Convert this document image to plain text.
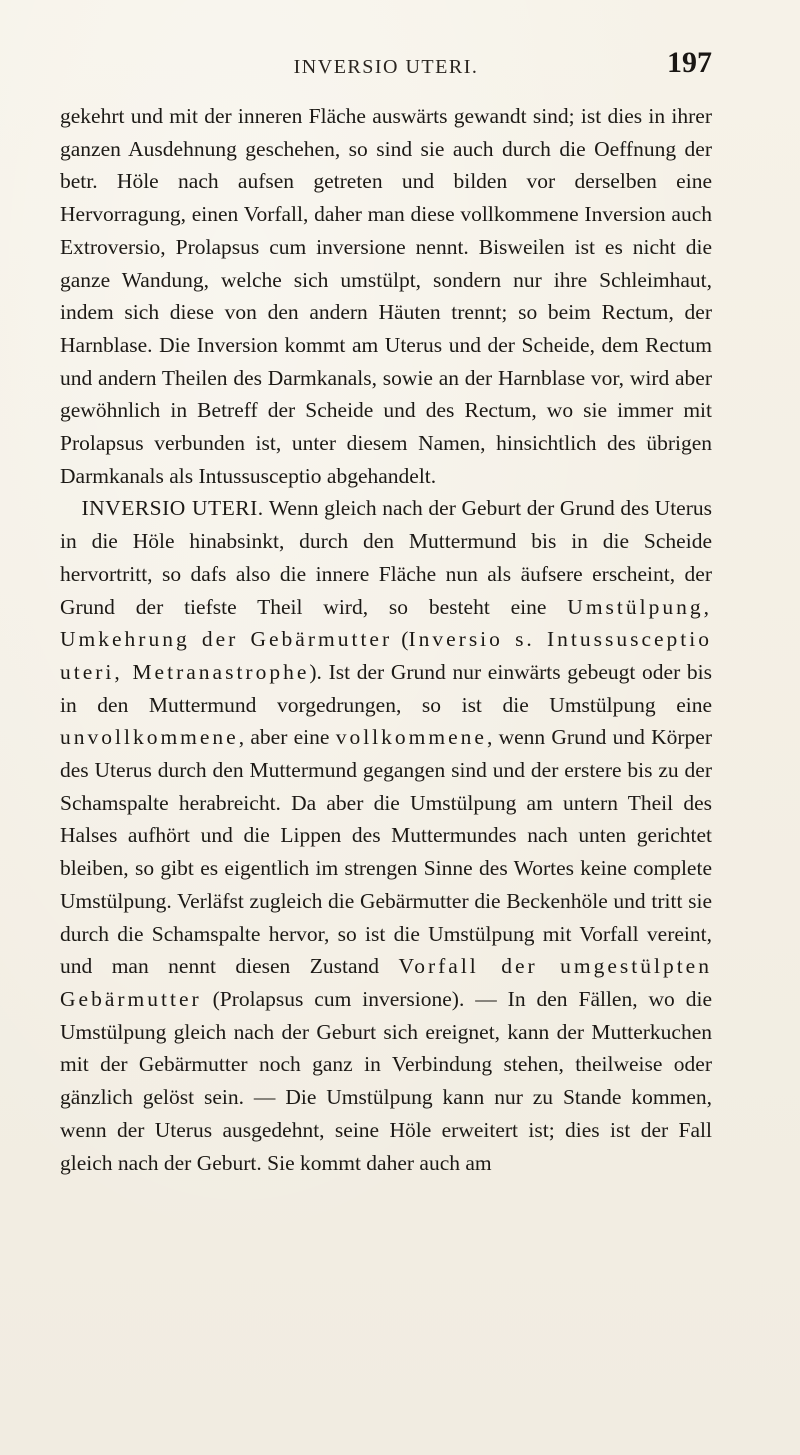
INVERSIO UTERI.	197

gekehrt und mit der inneren Fläche auswärts gewandt sind; ist dies in ihrer ganzen Ausdehnung geschehen, so sind sie auch durch die Oeffnung der betr. Höle nach aufsen getreten und bilden vor derselben eine Hervorragung, einen Vorfall, daher man diese vollkommene Inversion auch Extroversio, Prolapsus cum inversione nennt. Bisweilen ist es nicht die ganze Wandung, welche sich umstülpt, sondern nur ihre Schleimhaut, indem sich diese von den andern Häuten trennt; so beim Rectum, der Harnblase. Die Inversion kommt am Uterus und der Scheide, dem Rectum und andern Theilen des Darmkanals, sowie an der Harnblase vor, wird aber gewöhnlich in Betreff der Scheide und des Rectum, wo sie immer mit Prolapsus verbunden ist, unter diesem Namen, hinsichtlich des übrigen Darmkanals als Intussusceptio abgehandelt.

INVERSIO UTERI. Wenn gleich nach der Geburt der Grund des Uterus in die Höle hinabsinkt, durch den Muttermund bis in die Scheide hervortritt, so dafs also die innere Fläche nun als äufsere erscheint, der Grund der tiefste Theil wird, so besteht eine Umstülpung, Umkehrung der Gebärmutter (Inversio s. Intussusceptio uteri, Metranastrophe). Ist der Grund nur einwärts gebeugt oder bis in den Muttermund vorgedrungen, so ist die Umstülpung eine unvollkommene, aber eine vollkommene, wenn Grund und Körper des Uterus durch den Muttermund gegangen sind und der erstere bis zu der Schamspalte herabreicht. Da aber die Umstülpung am untern Theil des Halses aufhört und die Lippen des Muttermundes nach unten gerichtet bleiben, so gibt es eigentlich im strengen Sinne des Wortes keine complete Umstülpung. Verläfst zugleich die Gebärmutter die Beckenhöle und tritt sie durch die Schamspalte hervor, so ist die Umstülpung mit Vorfall vereint, und man nennt diesen Zustand Vorfall der umgestülpten Gebärmutter (Prolapsus cum inversione). — In den Fällen, wo die Umstülpung gleich nach der Geburt sich ereignet, kann der Mutterkuchen mit der Gebärmutter noch ganz in Verbindung stehen, theilweise oder gänzlich gelöst sein. — Die Umstülpung kann nur zu Stande kommen, wenn der Uterus ausgedehnt, seine Höle erweitert ist; dies ist der Fall gleich nach der Geburt. Sie kommt daher auch am
